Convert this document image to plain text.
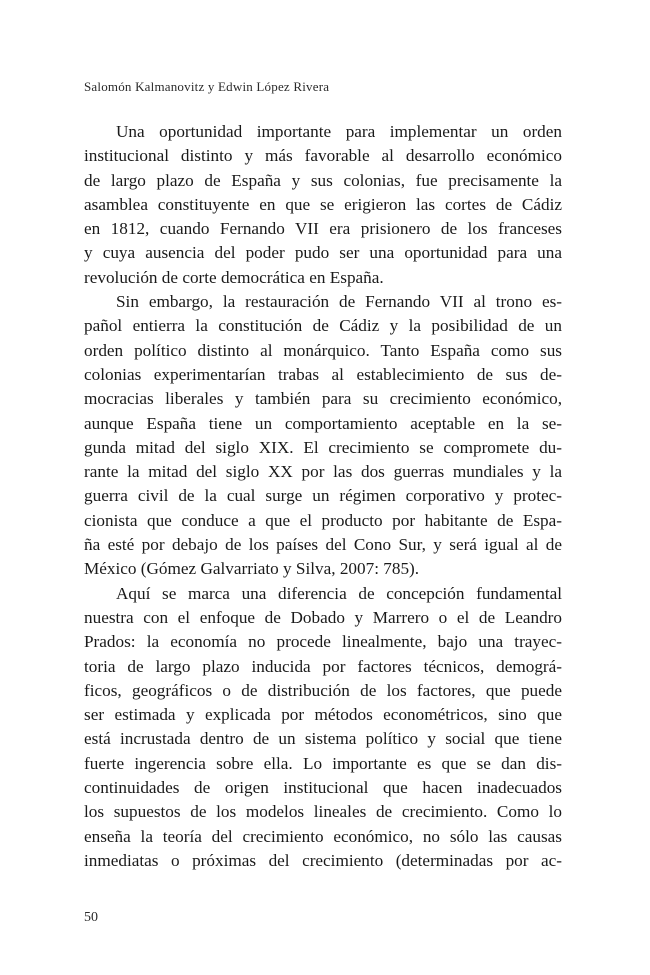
Salomón Kalmanovitz y Edwin López Rivera
Una oportunidad importante para implementar un orden
institucional distinto y más favorable al desarrollo económico
de largo plazo de España y sus colonias, fue precisamente la
asamblea constituyente en que se erigieron las cortes de Cádiz
en 1812, cuando Fernando VII era prisionero de los franceses
y cuya ausencia del poder pudo ser una oportunidad para una
revolución de corte democrática en España.
Sin embargo, la restauración de Fernando VII al trono es-
pañol entierra la constitución de Cádiz y la posibilidad de un
orden político distinto al monárquico. Tanto España como sus
colonias experimentarían trabas al establecimiento de sus de-
mocracias liberales y también para su crecimiento económico,
aunque España tiene un comportamiento aceptable en la se-
gunda mitad del siglo XIX. El crecimiento se compromete du-
rante la mitad del siglo XX por las dos guerras mundiales y la
guerra civil de la cual surge un régimen corporativo y protec-
cionista que conduce a que el producto por habitante de Espa-
ña esté por debajo de los países del Cono Sur, y será igual al de
México (Gómez Galvarriato y Silva, 2007: 785).
Aquí se marca una diferencia de concepción fundamental
nuestra con el enfoque de Dobado y Marrero o el de Leandro
Prados: la economía no procede linealmente, bajo una trayec-
toria de largo plazo inducida por factores técnicos, demográ-
ficos, geográficos o de distribución de los factores, que puede
ser estimada y explicada por métodos econométricos, sino que
está incrustada dentro de un sistema político y social que tiene
fuerte ingerencia sobre ella. Lo importante es que se dan dis-
continuidades de origen institucional que hacen inadecuados
los supuestos de los modelos lineales de crecimiento. Como lo
enseña la teoría del crecimiento económico, no sólo las causas
inmediatas o próximas del crecimiento (determinadas por ac-
50
